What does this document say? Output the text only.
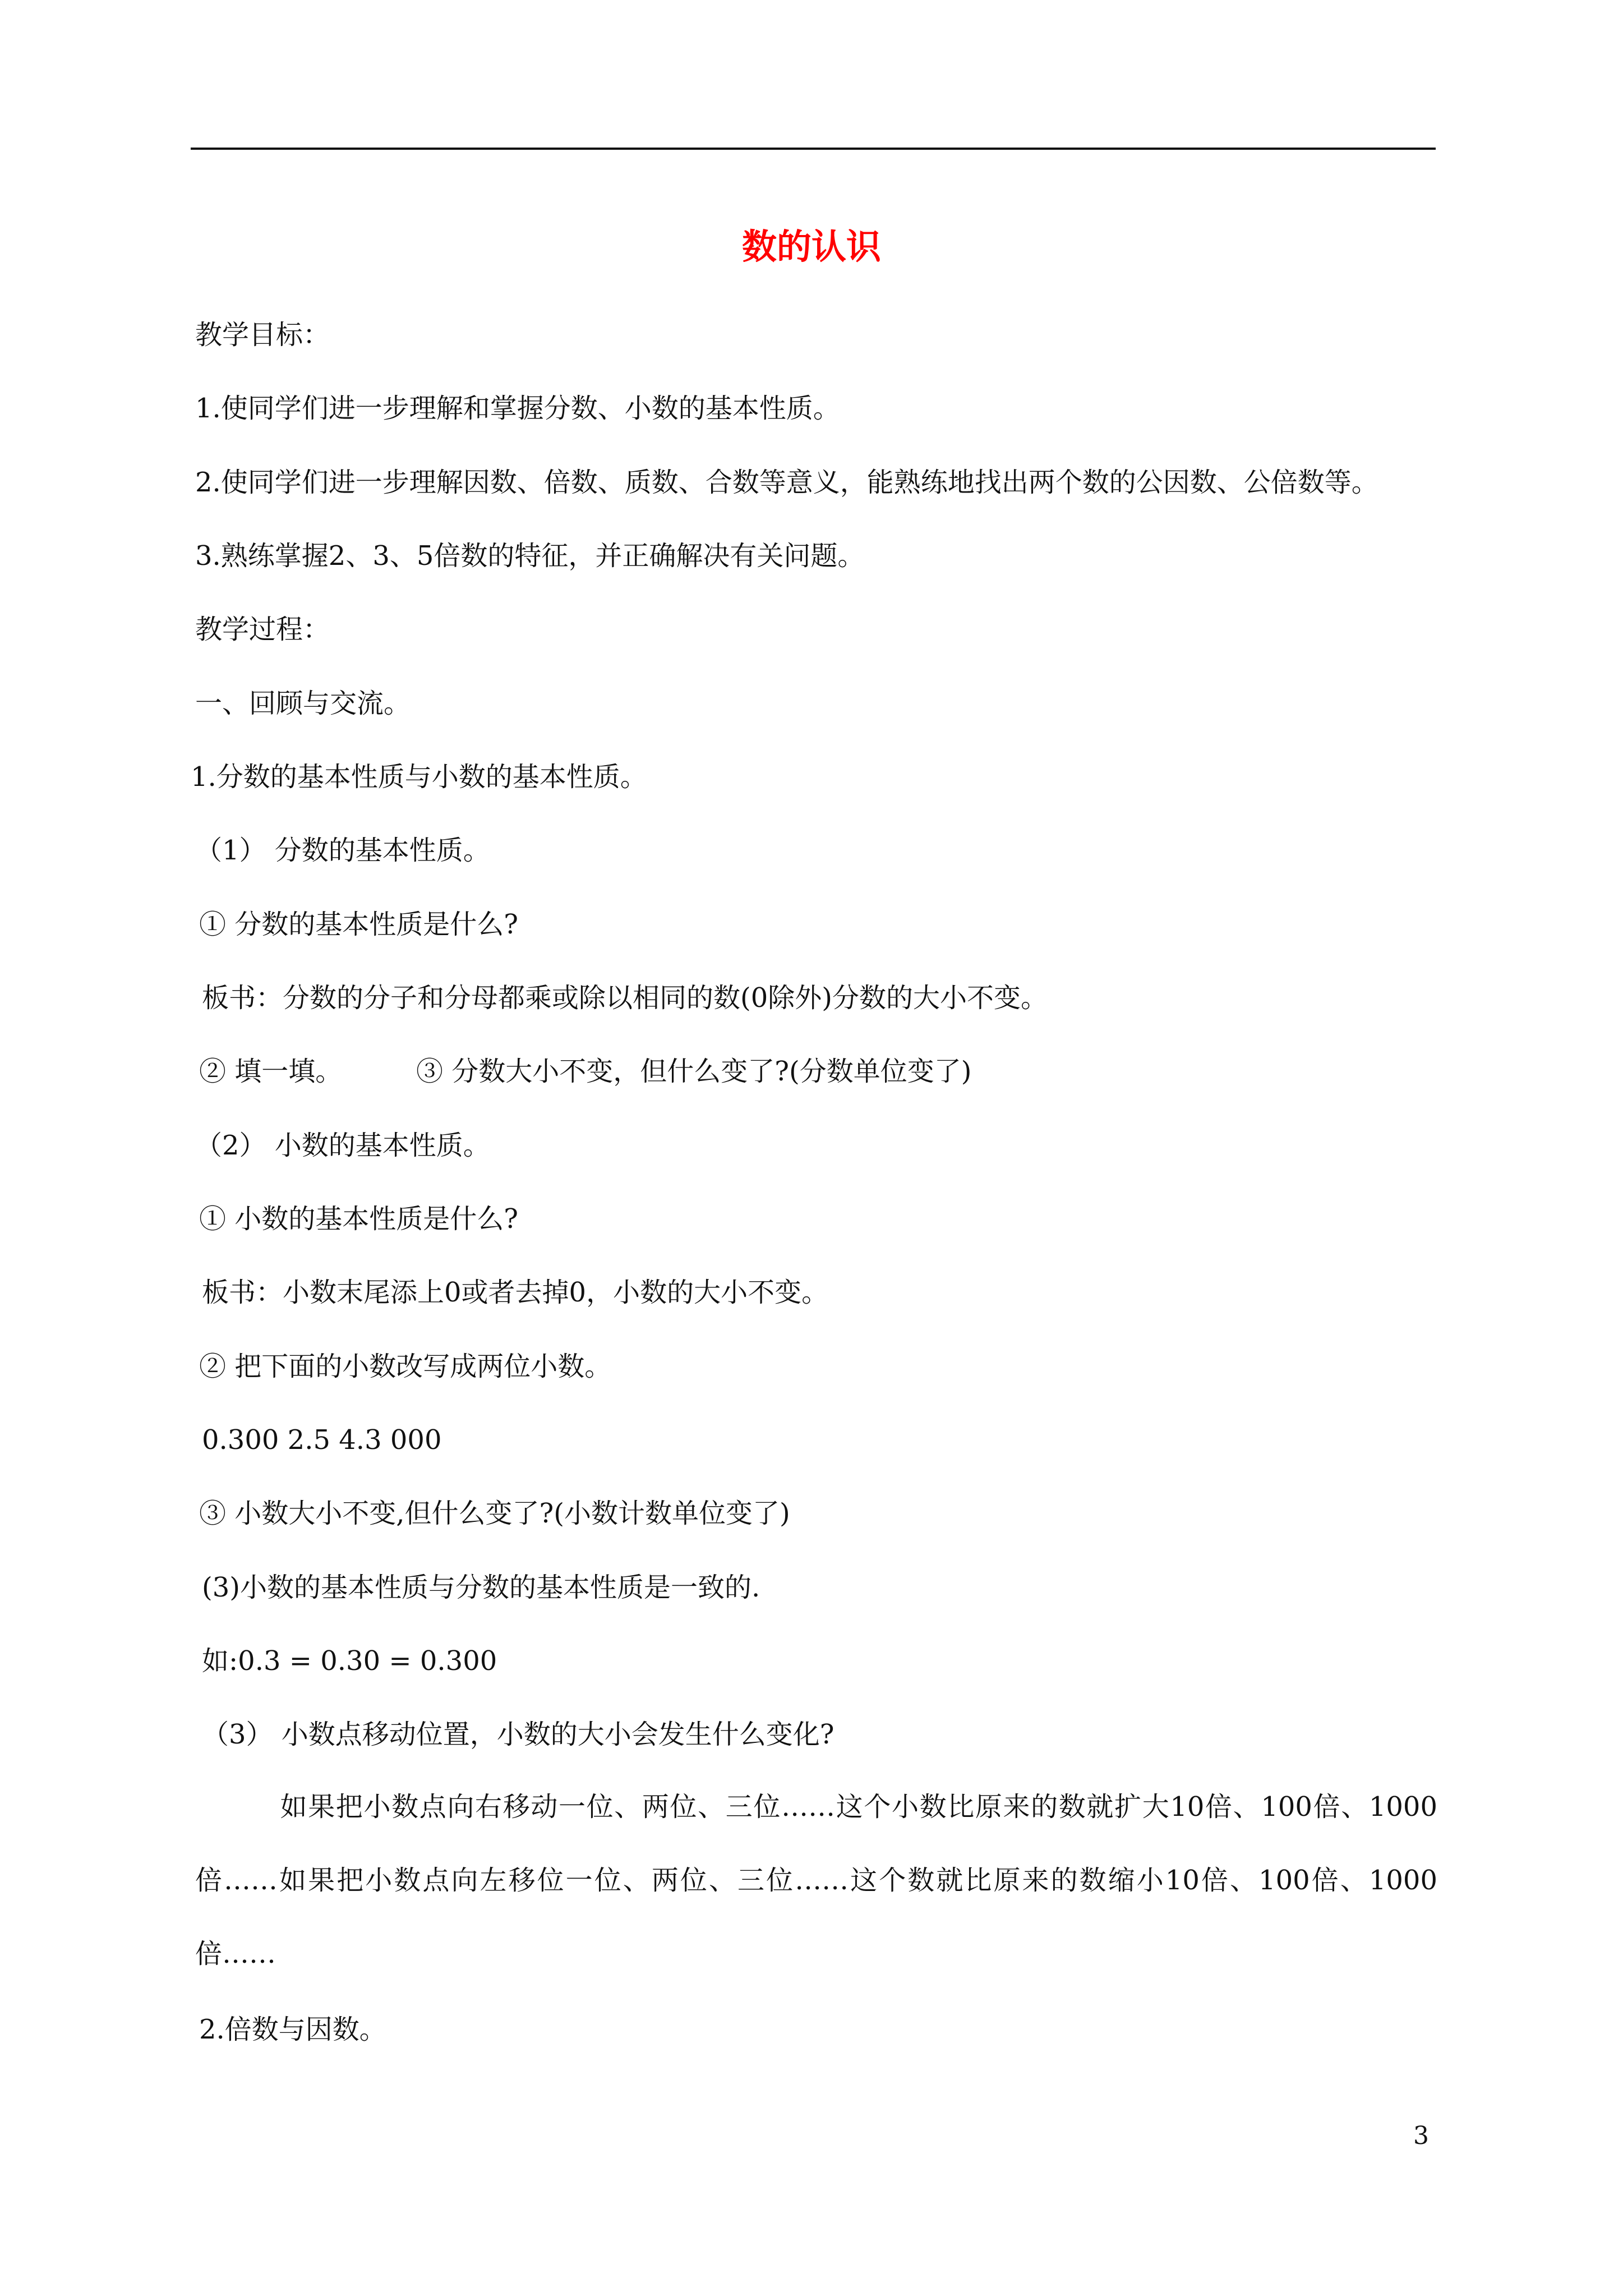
数的认识
教学目标：
1.使同学们进一步理解和掌握分数、小数的基本性质。
2.使同学们进一步理解因数、倍数、质数、合数等意义，能熟练地找出两个数的公因数、公倍数等。
3.熟练掌握2、3、5倍数的特征，并正确解决有关问题。
教学过程：
一、回顾与交流。
1.分数的基本性质与小数的基本性质。
（1） 分数的基本性质。
① 分数的基本性质是什么?
板书：分数的分子和分母都乘或除以相同的数(0除外)分数的大小不变。
② 填一填。	③ 分数大小不变，但什么变了?(分数单位变了)
（2） 小数的基本性质。
① 小数的基本性质是什么?
板书：小数末尾添上0或者去掉0，小数的大小不变。
② 把下面的小数改写成两位小数。
0.300 2.5 4.3 000
③ 小数大小不变,但什么变了?(小数计数单位变了)
(3)小数的基本性质与分数的基本性质是一致的.
如:0.3 = 0.30 = 0.300
（3） 小数点移动位置，小数的大小会发生什么变化?
如果把小数点向右移动一位、两位、三位……这个小数比原来的数就扩大10倍、100倍、1000倍……如果把小数点向左移位一位、两位、三位……这个数就比原来的数缩小10倍、100倍、1000倍……
2.倍数与因数。
3
